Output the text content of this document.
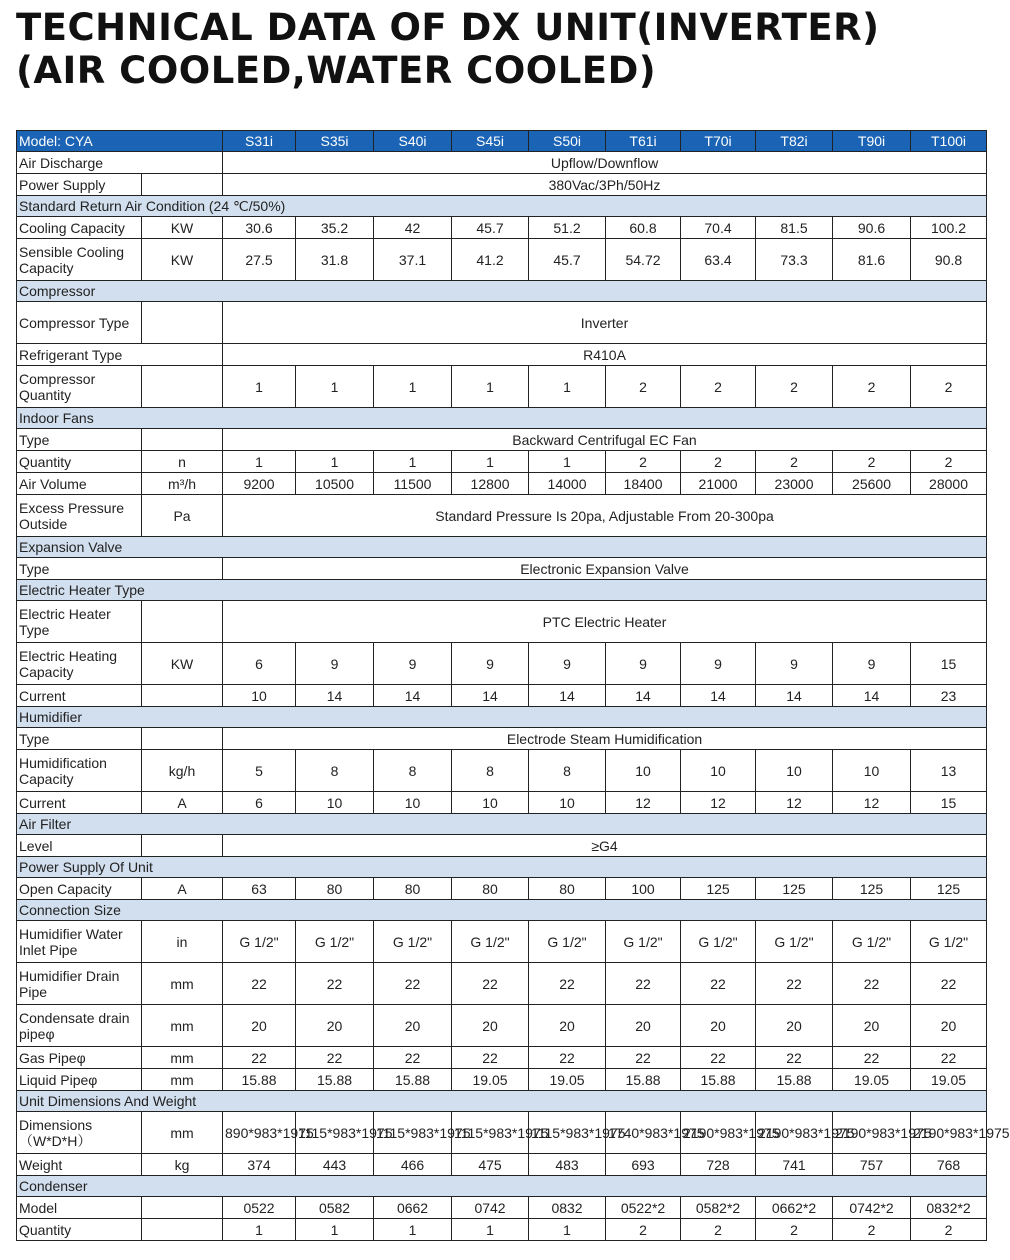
TECHNICAL DATA OF DX UNIT(INVERTER)
(AIR COOLED,WATER COOLED)
Model: CYA		S31i	S35i	S40i	S45i	S50i	T61i	T70i	T82i	T90i	T100i
Air Discharge		Upflow/Downflow									
Power Supply		380Vac/3Ph/50Hz									
Standard Return Air Condition (24 ℃/50%)											
Cooling Capacity	KW	30.6	35.2	42	45.7	51.2	60.8	70.4	81.5	90.6	100.2
Sensible Cooling Capacity	KW	27.5	31.8	37.1	41.2	45.7	54.72	63.4	73.3	81.6	90.8
Compressor											
Compressor Type		Inverter									
Refrigerant Type		R410A									
Compressor Quantity		1	1	1	1	1	2	2	2	2	2
Indoor Fans											
Type		Backward Centrifugal EC Fan									
Quantity	n	1	1	1	1	1	2	2	2	2	2
Air Volume	m³/h	9200	10500	11500	12800	14000	18400	21000	23000	25600	28000
Excess Pressure Outside	Pa	Standard Pressure Is 20pa, Adjustable From 20-300pa									
Expansion Valve											
Type		Electronic Expansion Valve									
Electric Heater Type											
Electric Heater Type		PTC Electric Heater									
Electric Heating Capacity	KW	6	9	9	9	9	9	9	9	9	15
Current		10	14	14	14	14	14	14	14	14	23
Humidifier											
Type		Electrode Steam Humidification									
Humidification Capacity	kg/h	5	8	8	8	8	10	10	10	10	13
Current	A	6	10	10	10	10	12	12	12	12	15
Air Filter											
Level		≥G4									
Power Supply Of Unit											
Open Capacity	A	63	80	80	80	80	100	125	125	125	125
Connection Size											
Humidifier Water Inlet Pipe	in	G 1/2"	G 1/2"	G 1/2"	G 1/2"	G 1/2"	G 1/2"	G 1/2"	G 1/2"	G 1/2"	G 1/2"
Humidifier Drain Pipe	mm	22	22	22	22	22	22	22	22	22	22
Condensate drain pipeφ	mm	20	20	20	20	20	20	20	20	20	20
Gas Pipeφ	mm	22	22	22	22	22	22	22	22	22	22
Liquid Pipeφ	mm	15.88	15.88	15.88	19.05	19.05	15.88	15.88	15.88	19.05	19.05
Unit Dimensions And Weight											
Dimensions （W*D*H）	mm	890*983*1975	1115*983*1975	1115*983*1975	1115*983*1975	1115*983*1975	1740*983*1975	2190*983*1975	2190*983*1975	2190*983*1975	2190*983*1975
Weight	kg	374	443	466	475	483	693	728	741	757	768
Condenser											
Model		0522	0582	0662	0742	0832	0522*2	0582*2	0662*2	0742*2	0832*2
Quantity		1	1	1	1	1	2	2	2	2	2
